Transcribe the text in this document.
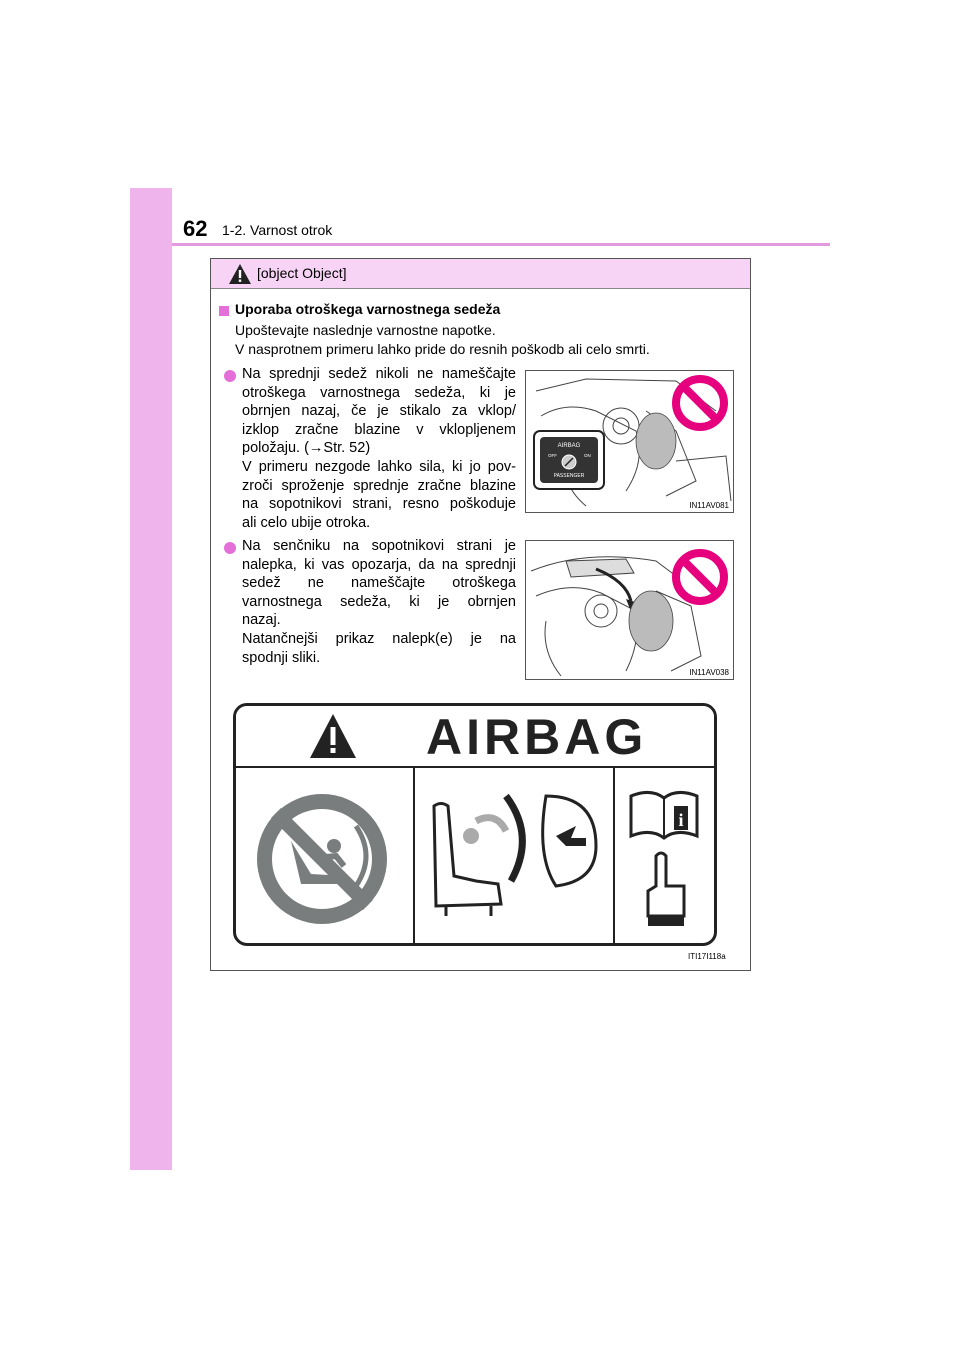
62 1-2. Varnost otrok
[object Object]
Uporaba otroškega varnostnega sedeža
Upoštevajte naslednje varnostne napotke.
V nasprotnem primeru lahko pride do resnih poškodb ali celo smrti.
Na sprednji sedež nikoli ne nameščajte
otroškega varnostnega sedeža, ki je
obrnjen nazaj, če je stikalo za vklop/
izklop zračne blazine v vklopljenem
položaju. (→Str. 52)
V primeru nezgode lahko sila, ki jo pov-
zroči sproženje sprednje zračne blazine
na sopotnikovi strani, resno poškoduje
ali celo ubije otroka.
AIRBAG
OFF	ON
PASSENGER
IN11AV081
Na senčniku na sopotnikovi strani je
nalepka, ki vas opozarja, da na sprednji
sedež ne nameščajte otroškega
varnostnega sedeža, ki je obrnjen
nazaj.
Natančnejši prikaz nalepk(e) je na
spodnji sliki.
IN11AV038
AIRBAG
i
ITI17I118a
